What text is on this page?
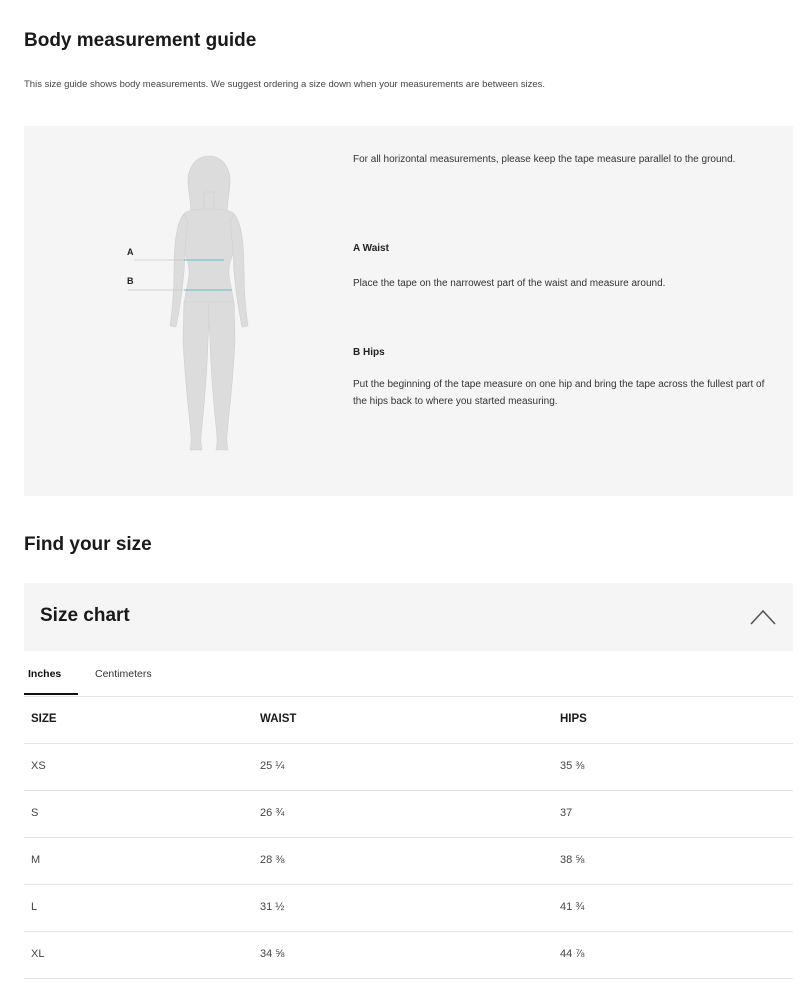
Body measurement guide

This size guide shows body measurements. We suggest ordering a size down when your measurements are between sizes.

A
B

For all horizontal measurements, please keep the tape measure parallel to the ground.

A Waist

Place the tape on the narrowest part of the waist and measure around.

B Hips

Put the beginning of the tape measure on one hip and bring the tape across the fullest part of the hips back to where you started measuring.

Find your size
Size chart
Inches	Centimeters
SIZE	WAIST	HIPS
XS	25 ¼	35 ⅜
S	26 ¾	37
M	28 ⅜	38 ⅝
L	31 ½	41 ¾
XL	34 ⅝	44 ⅞
